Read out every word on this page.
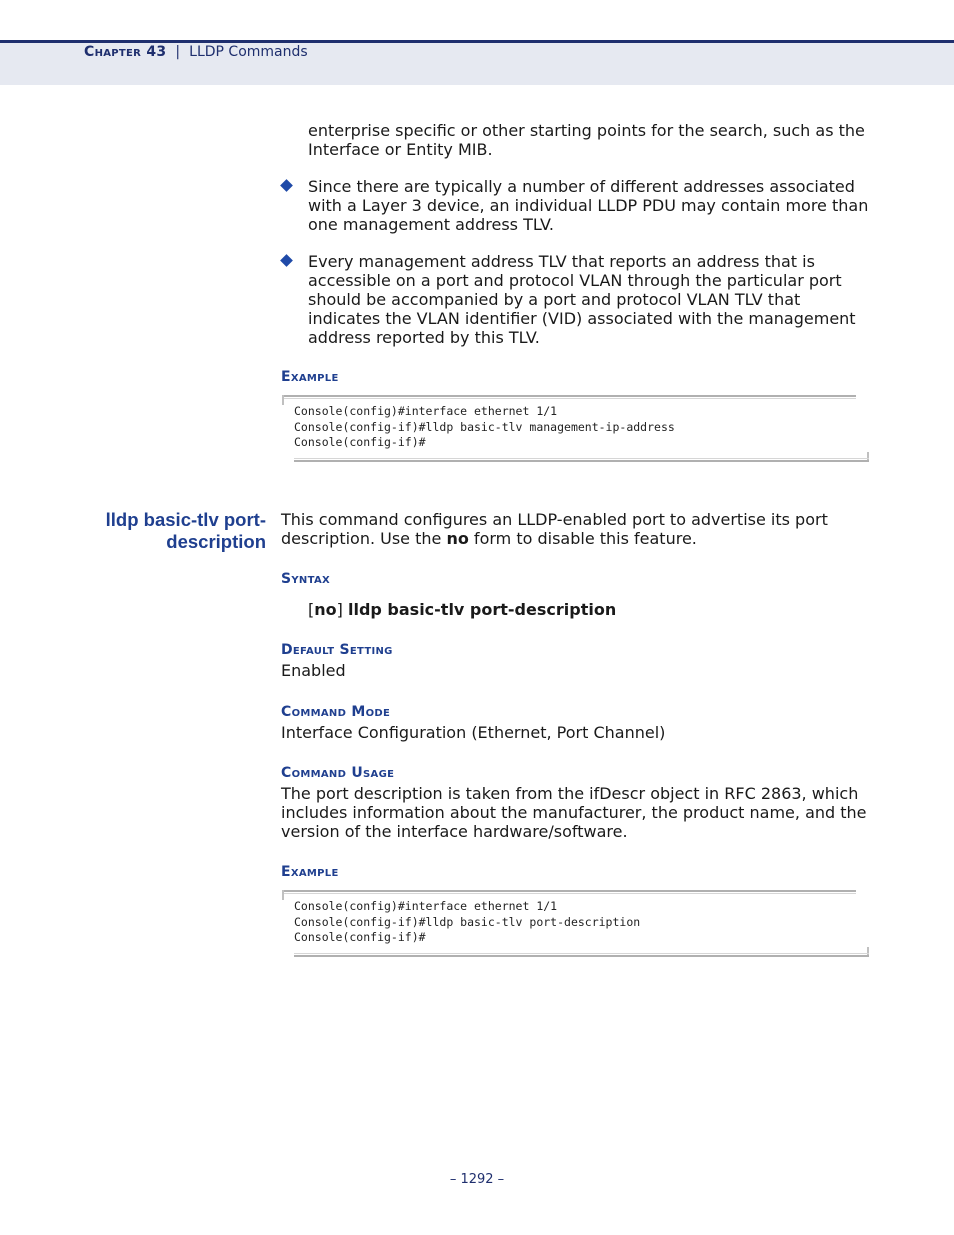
Chapter 43 | LLDP Commands
enterprise specific or other starting points for the search, such as the Interface or Entity MIB.
Since there are typically a number of different addresses associated with a Layer 3 device, an individual LLDP PDU may contain more than one management address TLV.
Every management address TLV that reports an address that is accessible on a port and protocol VLAN through the particular port should be accompanied by a port and protocol VLAN TLV that indicates the VLAN identifier (VID) associated with the management address reported by this TLV.
Example
Console(config)#interface ethernet 1/1
Console(config-if)#lldp basic-tlv management-ip-address
Console(config-if)#
lldp basic-tlv port-
description
This command configures an LLDP-enabled port to advertise its port description. Use the no form to disable this feature.
Syntax
[no] lldp basic-tlv port-description
Default Setting
Enabled
Command Mode
Interface Configuration (Ethernet, Port Channel)
Command Usage
The port description is taken from the ifDescr object in RFC 2863, which includes information about the manufacturer, the product name, and the version of the interface hardware/software.
Example
Console(config)#interface ethernet 1/1
Console(config-if)#lldp basic-tlv port-description
Console(config-if)#
– 1292 –
